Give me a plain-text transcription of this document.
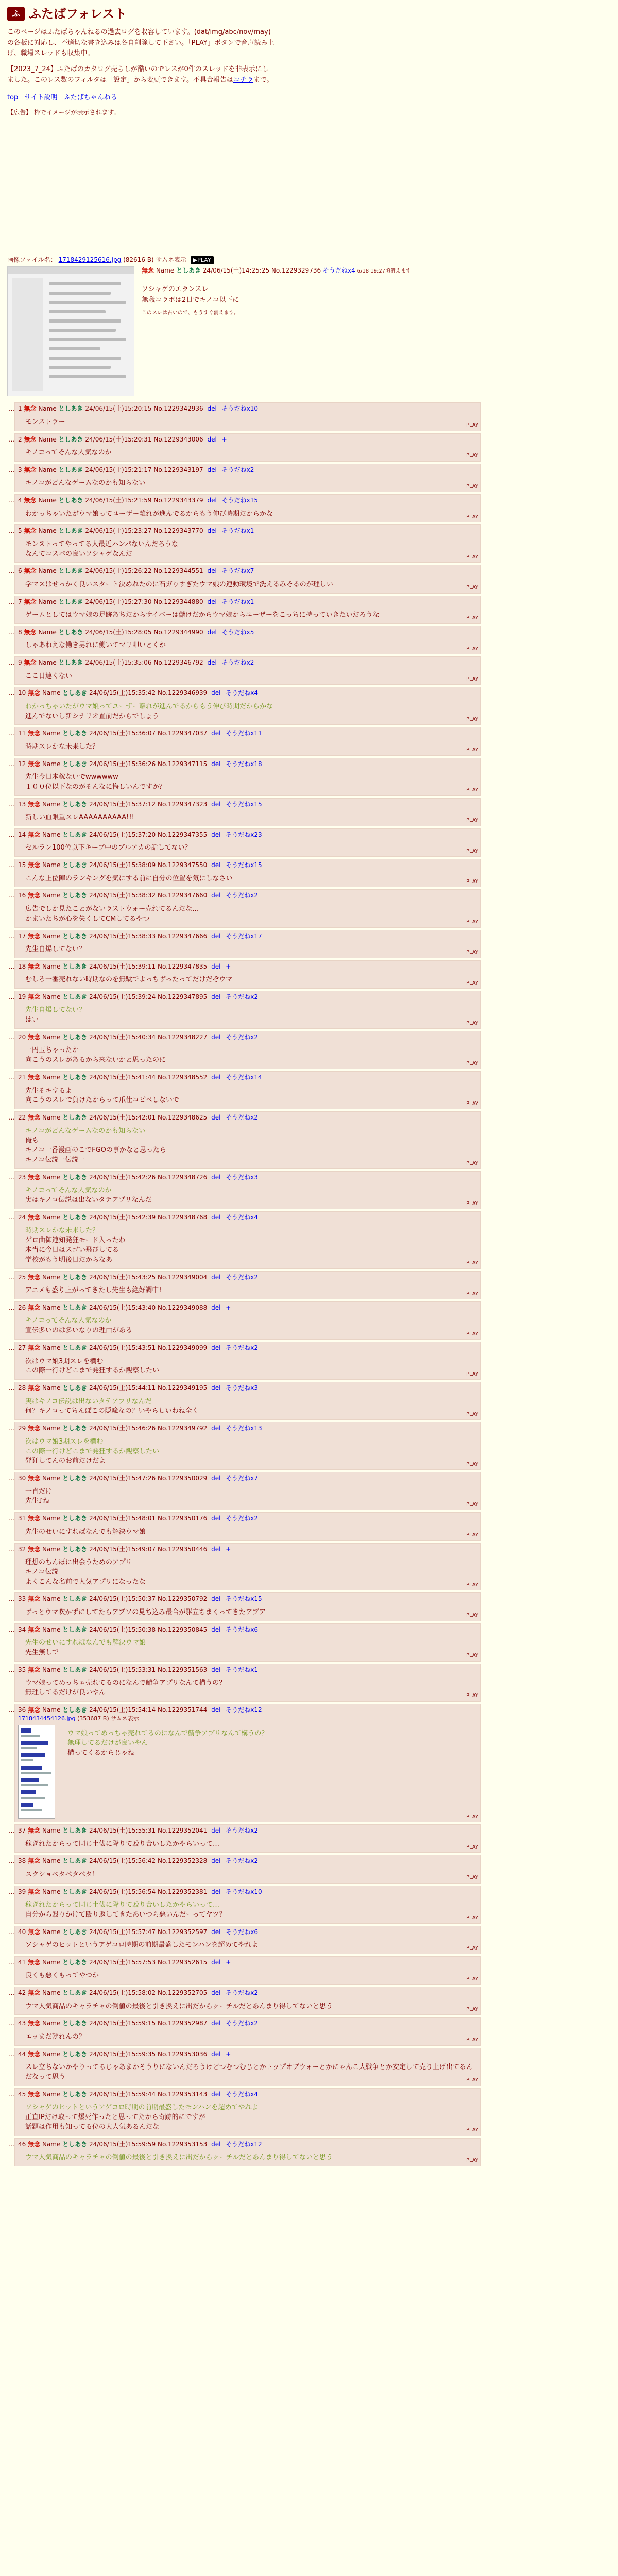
ふ ふたばフォレスト

このページはふたばちゃんねるの過去ログを収容しています。(dat/img/abc/nov/may)の各板に対応し、不適切な書き込みは各自削除して下さい。「PLAY」ボタンで音声読み上げ、職場スレッドも収集中。

【2023_7_24】ふたばのカタログ売らしが酷いのでレスが0件のスレッドを非表示にしました。このレス数のフィルタは「設定」から変更できます。不具合報告はコチラまで。

top サイト説明 ふたばちゃんねる
【広告】 枠でイメージが表示されます。
画像ファイル名： 1718429125616.jpg (82616 B) サムネ表示 ▶PLAY
無念 Name としあき 24/06/15(土)14:25:25 No.1229329736 そうだねx4 6/18 19:27頃消えます
ソシャゲのエランスレ
無職コラボは2日でキノコ以下に
このスレは古いので、もうすぐ消えます。
… 1 無念 Name としあき 24/06/15(土)15:20:15 No.1229342936 del そうだねx10
モンストラー	PLAY
… 2 無念 Name としあき 24/06/15(土)15:20:31 No.1229343006 del +
キノコってそんな人気なのか	PLAY
… 3 無念 Name としあき 24/06/15(土)15:21:17 No.1229343197 del そうだねx2
キノコがどんなゲームなのかも知らない	PLAY
… 4 無念 Name としあき 24/06/15(土)15:21:59 No.1229343379 del そうだねx15
わかっちゃいたがウマ娘ってユーザー離れが進んでるからもう伸び時期だからかな	PLAY
… 5 無念 Name としあき 24/06/15(土)15:23:27 No.1229343770 del そうだねx1
モンストってやってる人最近ハンパないんだろうな
なんてコスパの良いソシャゲなんだ	PLAY
… 6 無念 Name としあき 24/06/15(土)15:26:22 No.1229344551 del そうだねx7
学マスはせっかく良いスタート決めれたのに石ガりすぎたウマ娘の連動環境で洗えるみそるのが理しい	PLAY
… 7 無念 Name としあき 24/06/15(土)15:27:30 No.1229344880 del そうだねx1
ゲームとしてはウマ娘の足跡あちだからサイバーは儲けだからウマ娘からユーザーをこっちに持っていきたいだろうな	PLAY
… 8 無念 Name としあき 24/06/15(土)15:28:05 No.1229344990 del そうだねx5
しゃあねえな働き男れに働いてマリ叩いとくか	PLAY
… 9 無念 Name としあき 24/06/15(土)15:35:06 No.1229346792 del そうだねx2
ここ日連くない	PLAY
… 10 無念 Name としあき 24/06/15(土)15:35:42 No.1229346939 del そうだねx4
わかっちゃいたがウマ娘ってユーザー離れが進んでるからもう伸び時期だからかな
進んでないし新シナリオ直前だからでしょう	PLAY
… 11 無念 Name としあき 24/06/15(土)15:36:07 No.1229347037 del そうだねx11
時期スレかな未来した？	PLAY
… 12 無念 Name としあき 24/06/15(土)15:36:26 No.1229347115 del そうだねx18
先生今日本稼ないでwwwwww
１００位以下なのがそんなに悔しいんですか？	PLAY
… 13 無念 Name としあき 24/06/15(土)15:37:12 No.1229347323 del そうだねx15
新しい血眼重スレAAAAAAAAAA!!!	PLAY
… 14 無念 Name としあき 24/06/15(土)15:37:20 No.1229347355 del そうだねx23
セルラン100位以下キープ中のブルアカの話してない？	PLAY
… 15 無念 Name としあき 24/06/15(土)15:38:09 No.1229347550 del そうだねx15
こんな上位陣のランキングを気にする前に自分の位置を気にしなさい	PLAY
… 16 無念 Name としあき 24/06/15(土)15:38:32 No.1229347660 del そうだねx2
広告でしか見たことがないラストウォー売れてるんだな…
かまいたちが心を失くしてCMしてるやつ	PLAY
… 17 無念 Name としあき 24/06/15(土)15:38:33 No.1229347666 del そうだねx17
先生自爆してない？	PLAY
… 18 無念 Name としあき 24/06/15(土)15:39:11 No.1229347835 del +
むしろ一番売れない時期なのを無駄でよっちずったってだけだぞウマ	PLAY
… 19 無念 Name としあき 24/06/15(土)15:39:24 No.1229347895 del そうだねx2
先生自爆してない？
はい	PLAY
… 20 無念 Name としあき 24/06/15(土)15:40:34 No.1229348227 del そうだねx2
一円玉ちゃったか
向こうのスレがあるから来ないかと思ったのに	PLAY
… 21 無念 Name としあき 24/06/15(土)15:41:44 No.1229348552 del そうだねx14
先生そキするよ
向こうのスレで負けたからって爪仕コピペしないで	PLAY
… 22 無念 Name としあき 24/06/15(土)15:42:01 No.1229348625 del そうだねx2
キノコがどんなゲームなのかも知らない
俺も
キノコ一番漫画のこでFGOの事かなと思ったら
キノコ伝説一伝説一	PLAY
… 23 無念 Name としあき 24/06/15(土)15:42:26 No.1229348726 del そうだねx3
キノコってそんな人気なのか
実はキノコ伝説は出ないタテアプリなんだ	PLAY
… 24 無念 Name としあき 24/06/15(土)15:42:39 No.1229348768 del そうだねx4
時期スレかな未来した？
ゲロ曲御連知発狂モード入ったわ
本当に今日はスゴい飛びしてる
学校がもう明後日だからなあ	PLAY
… 25 無念 Name としあき 24/06/15(土)15:43:25 No.1229349004 del そうだねx2
アニメも盛り上がってきたし先生も絶好調中!	PLAY
… 26 無念 Name としあき 24/06/15(土)15:43:40 No.1229349088 del +
キノコってそんな人気なのか
宣伝多いのは多いなりの理由がある	PLAY
… 27 無念 Name としあき 24/06/15(土)15:43:51 No.1229349099 del そうだねx2
次はウマ娘3期スレを欄む
この際一行けどこまで発狂するか観察したい	PLAY
… 28 無念 Name としあき 24/06/15(土)15:44:11 No.1229349195 del そうだねx3
実はキノコ伝説は出ないタテアプリなんだ
何？キノコってちんぽこの隠喩なの？いやらしいわね全く	PLAY
… 29 無念 Name としあき 24/06/15(土)15:46:26 No.1229349792 del そうだねx13
次はウマ娘3期スレを欄む
この際一行けどこまで発狂するか観察したい
発狂してんのお前だけだよ	PLAY
… 30 無念 Name としあき 24/06/15(土)15:47:26 No.1229350029 del そうだねx7
一直だけ
先生♪ね	PLAY
… 31 無念 Name としあき 24/06/15(土)15:48:01 No.1229350176 del そうだねx2
先生のせいにすればなんでも解決ウマ娘	PLAY
… 32 無念 Name としあき 24/06/15(土)15:49:07 No.1229350446 del +
理想のちんぽに出会うためのアプリ
キノコ伝説
よくこんな名前で人気アプリになったな	PLAY
… 33 無念 Name としあき 24/06/15(土)15:50:37 No.1229350792 del そうだねx15
ずっとウマ吹かずにしてたらアブソの見ち込み最合が駆立ちまくってきたアブア	PLAY
… 34 無念 Name としあき 24/06/15(土)15:50:38 No.1229350845 del そうだねx6
先生のせいにすればなんでも解決ウマ娘
先生無しで	PLAY
… 35 無念 Name としあき 24/06/15(土)15:53:31 No.1229351563 del そうだねx1
ウマ娘ってめっちゃ売れてるのになんで鯖争アプリなんて構うの？
無理してるだけが良いやん	PLAY
… 36 無念 Name としあき 24/06/15(土)15:54:14 No.1229351744 del そうだねx12
1718434454126.jpg (353687 B) サムネ表示
ウマ娘ってめっちゃ売れてるのになんで鯖争アプリなんて構うの？
無理してるだけが良いやん
構ってくるからじゃね
PLAY
… 37 無念 Name としあき 24/06/15(土)15:55:31 No.1229352041 del そうだねx2
稼ぎれたからって同じ土俵に降りて殴り合いしたかやらいって…	PLAY
… 38 無念 Name としあき 24/06/15(土)15:56:42 No.1229352328 del そうだねx2
スクショベタベタベタ！	PLAY
… 39 無念 Name としあき 24/06/15(土)15:56:54 No.1229352381 del そうだねx10
稼ぎれたからって同じ土俵に降りて殴り合いしたかやらいって…
自分から殴りかけて殴り返してきたあいつら悪いんだーってヤツ？	PLAY
… 40 無念 Name としあき 24/06/15(土)15:57:47 No.1229352597 del そうだねx6
ソシャゲのヒットというアゲコロ時期の前期最盛したモンハンを超めてやれよ	PLAY
… 41 無念 Name としあき 24/06/15(土)15:57:53 No.1229352615 del +
良くも悪くもってやつか	PLAY
… 42 無念 Name としあき 24/06/15(土)15:58:02 No.1229352705 del そうだねx2
ウマ人気商品のキャラチャの倒値の最後と引き換えに出だからヶーチルだとあんまり得してないと思う	PLAY
… 43 無念 Name としあき 24/06/15(土)15:59:15 No.1229352987 del そうだねx2
エッまだ乾れんの？	PLAY
… 44 無念 Name としあき 24/06/15(土)15:59:35 No.1229353036 del +
スレ立ちないかやりってるじゃあまかそうりにないんだろうけどつむつむじとかトップオブウォーとかにゃんこ大戦争とか安定して売り上げ出てるんだなって思う	PLAY
… 45 無念 Name としあき 24/06/15(土)15:59:44 No.1229353143 del そうだねx4
ソシャゲのヒットというアゲコロ時期の前期最盛したモンハンを超めてやれよ
正直IPだけ取って爆死作ったと思ってたから奇跡的にですが
話題は作用も知ってる位の大人気あるんだな	PLAY
… 46 無念 Name としあき 24/06/15(土)15:59:59 No.1229353153 del そうだねx12
ウマ人気商品のキャラチャの倒値の最後と引き換えに出だからヶーチルだとあんまり得してないと思う	PLAY
